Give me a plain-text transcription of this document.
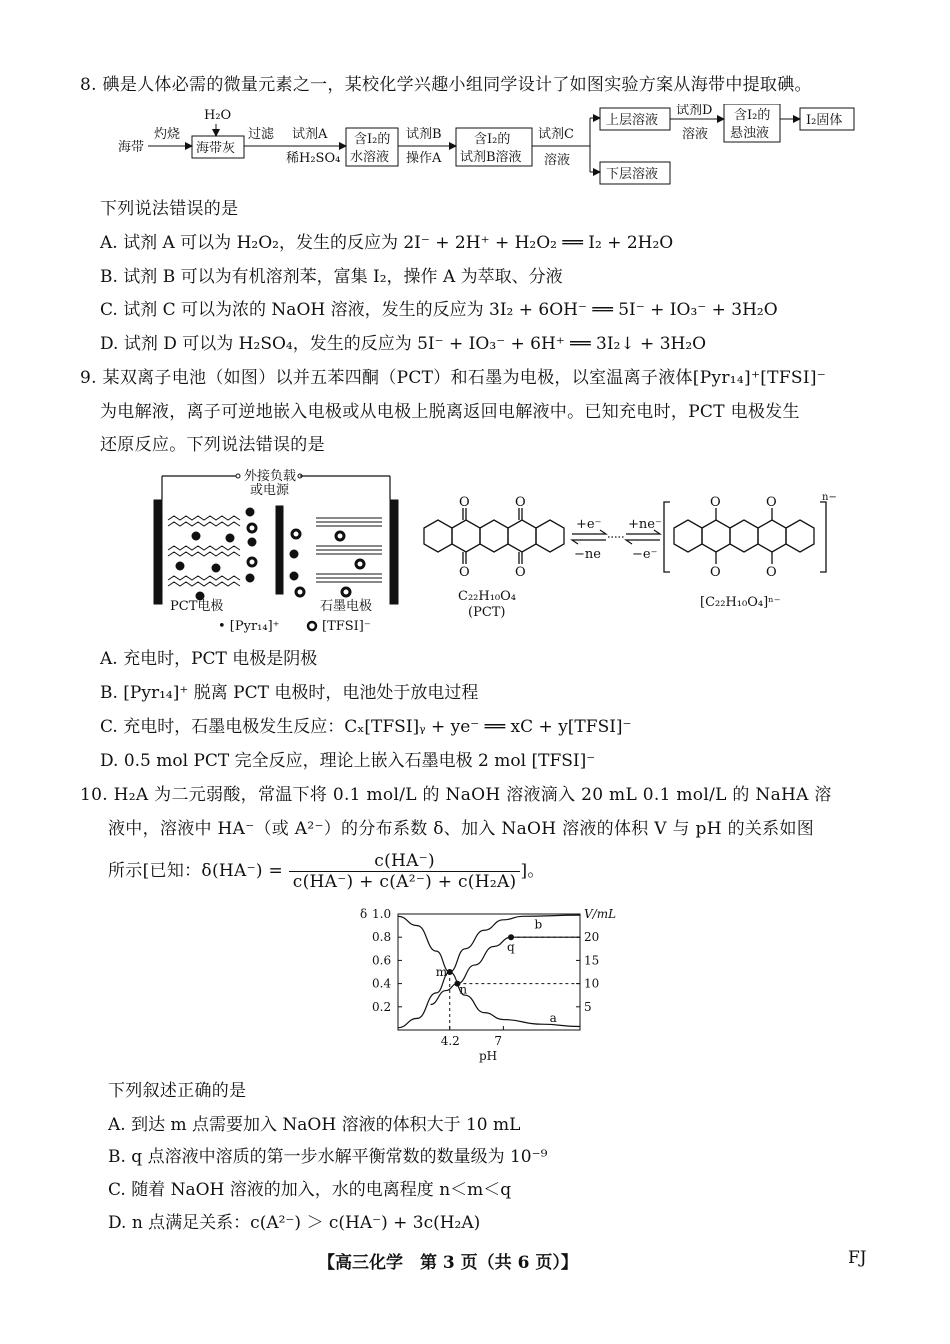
8. 碘是人体必需的微量元素之一，某校化学兴趣小组同学设计了如图实验方案从海带中提取碘。
海带
灼烧
H₂O
海带灰
过滤 试剂A
稀H₂SO₄
含I₂的
水溶液
试剂B
操作A
含I₂的
试剂B溶液
试剂C
溶液
上层溶液
下层溶液
试剂D
溶液
含I₂的
悬浊液
I₂固体
下列说法错误的是
A. 试剂 A 可以为 H₂O₂，发生的反应为 2I⁻ + 2H⁺ + H₂O₂ ══ I₂ + 2H₂O
B. 试剂 B 可以为有机溶剂苯，富集 I₂，操作 A 为萃取、分液
C. 试剂 C 可以为浓的 NaOH 溶液，发生的反应为 3I₂ + 6OH⁻ ══ 5I⁻ + IO₃⁻ + 3H₂O
D. 试剂 D 可以为 H₂SO₄，发生的反应为 5I⁻ + IO₃⁻ + 6H⁺ ══ 3I₂↓ + 3H₂O
9. 某双离子电池（如图）以并五苯四酮（PCT）和石墨为电极，以室温离子液体[Pyr₁₄]⁺[TFSI]⁻
为电解液，离子可逆地嵌入电极或从电极上脱离返回电解液中。已知充电时，PCT 电极发生
还原反应。下列说法错误的是
外接负载
或电源
PCT电极	石墨电极
• [Pyr₁₄]⁺	[TFSI]⁻
O	O
O	O
O	O
O	O
n−
C₂₂H₁₀O₄
(PCT)
[C₂₂H₁₀O₄]ⁿ⁻
+e⁻
−ne
+ne⁻
−e⁻
A. 充电时，PCT 电极是阴极
B. [Pyr₁₄]⁺ 脱离 PCT 电极时，电池处于放电过程
C. 充电时，石墨电极发生反应：Cₓ[TFSI]ᵧ + ye⁻ ══ xC + y[TFSI]⁻
D. 0.5 mol PCT 完全反应，理论上嵌入石墨电极 2 mol [TFSI]⁻
10. H₂A 为二元弱酸，常温下将 0.1 mol/L 的 NaOH 溶液滴入 20 mL 0.1 mol/L 的 NaHA 溶
液中，溶液中 HA⁻（或 A²⁻）的分布系数 δ、加入 NaOH 溶液的体积 V 与 pH 的关系如图
所示[已知：$\delta(HA^-) = \frac{c(HA^-)}{\text{c(HA⁻) + c(A²⁻) + c(H₂A)}}$ ]。
0.2
0.4
0.6
0.8
1.0
δ
5
10
15
20
V/mL
4.2	7
pH
a
b
m
n
q
下列叙述正确的是
A. 到达 m 点需要加入 NaOH 溶液的体积大于 10 mL
B. q 点溶液中溶质的第一步水解平衡常数的数量级为 10⁻⁹
C. 随着 NaOH 溶液的加入，水的电离程度 n＜m＜q
D. n 点满足关系：c(A²⁻) ＞ c(HA⁻) + 3c(H₂A)
【高三化学　第 3 页（共 6 页）】	FJ
